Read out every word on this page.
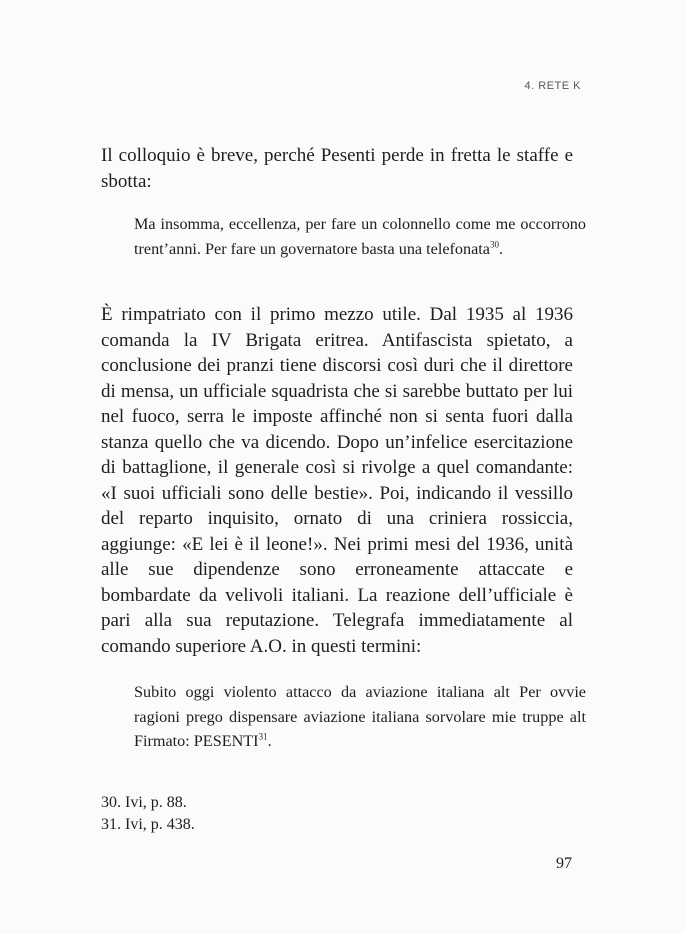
4. RETE K

Il colloquio è breve, perché Pesenti perde in fretta le staffe e sbotta:

Ma insomma, eccellenza, per fare un colonnello come me occorrono trent’anni. Per fare un governatore basta una telefonata$^{30}$.

È rimpatriato con il primo mezzo utile. Dal 1935 al 1936 comanda la IV Brigata eritrea. Antifascista spietato, a conclusione dei pranzi tiene discorsi così duri che il direttore di mensa, un ufficiale squadrista che si sarebbe buttato per lui nel fuoco, serra le imposte affinché non si senta fuori dalla stanza quello che va dicendo. Dopo un’infelice esercitazione di battaglione, il generale così si rivolge a quel comandante: «I suoi ufficiali sono delle bestie». Poi, indicando il vessillo del reparto inquisito, ornato di una criniera rossiccia, aggiunge: «E lei è il leone!». Nei primi mesi del 1936, unità alle sue dipendenze sono erroneamente attaccate e bombardate da velivoli italiani. La reazione dell’ufficiale è pari alla sua reputazione. Telegrafa immediatamente al comando superiore A.O. in questi termini:

Subito oggi violento attacco da aviazione italiana alt Per ovvie ragioni prego dispensare aviazione italiana sorvolare mie truppe alt Firmato: PESENTI$^{31}$.

30. Ivi, p. 88.
31. Ivi, p. 438.
97
